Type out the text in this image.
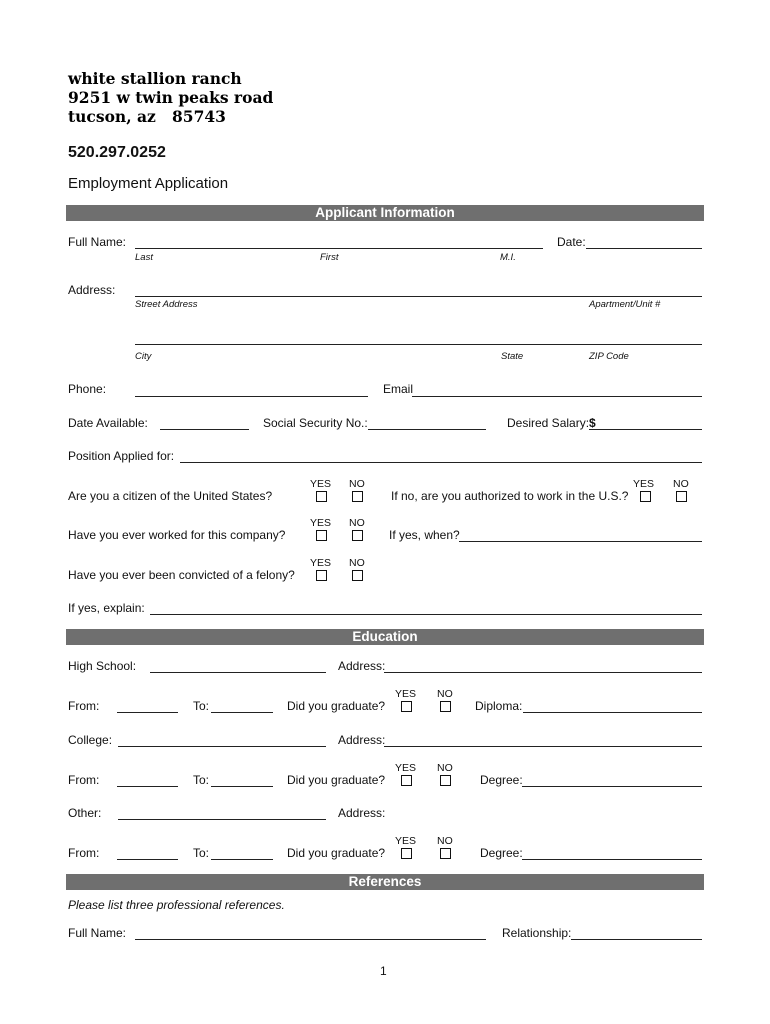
white stallion ranch
9251 w twin peaks road
tucson, az   85743
520.297.0252
Employment Application
Applicant Information
Full Name:	Date:
Last	First	M.I.
Address:
Street Address	Apartment/Unit #
City	State	ZIP Code
Phone:	Email
Date Available:	Social Security No.:	Desired Salary: $
Position Applied for:
YES NO
Are you a citizen of the United States?
YES NO
If no, are you authorized to work in the U.S.?
YES NO
Have you ever worked for this company?	If yes, when?
YES NO
Have you ever been convicted of a felony?
If yes, explain:
Education
High School:	Address:
YES NO
From:	To:	Did you graduate?	Diploma:
College:	Address:
YES NO
From:	To:	Did you graduate?	Degree:
Other:	Address:
YES NO
From:	To:	Did you graduate?	Degree:
References
Please list three professional references.
Full Name:	Relationship:
1
